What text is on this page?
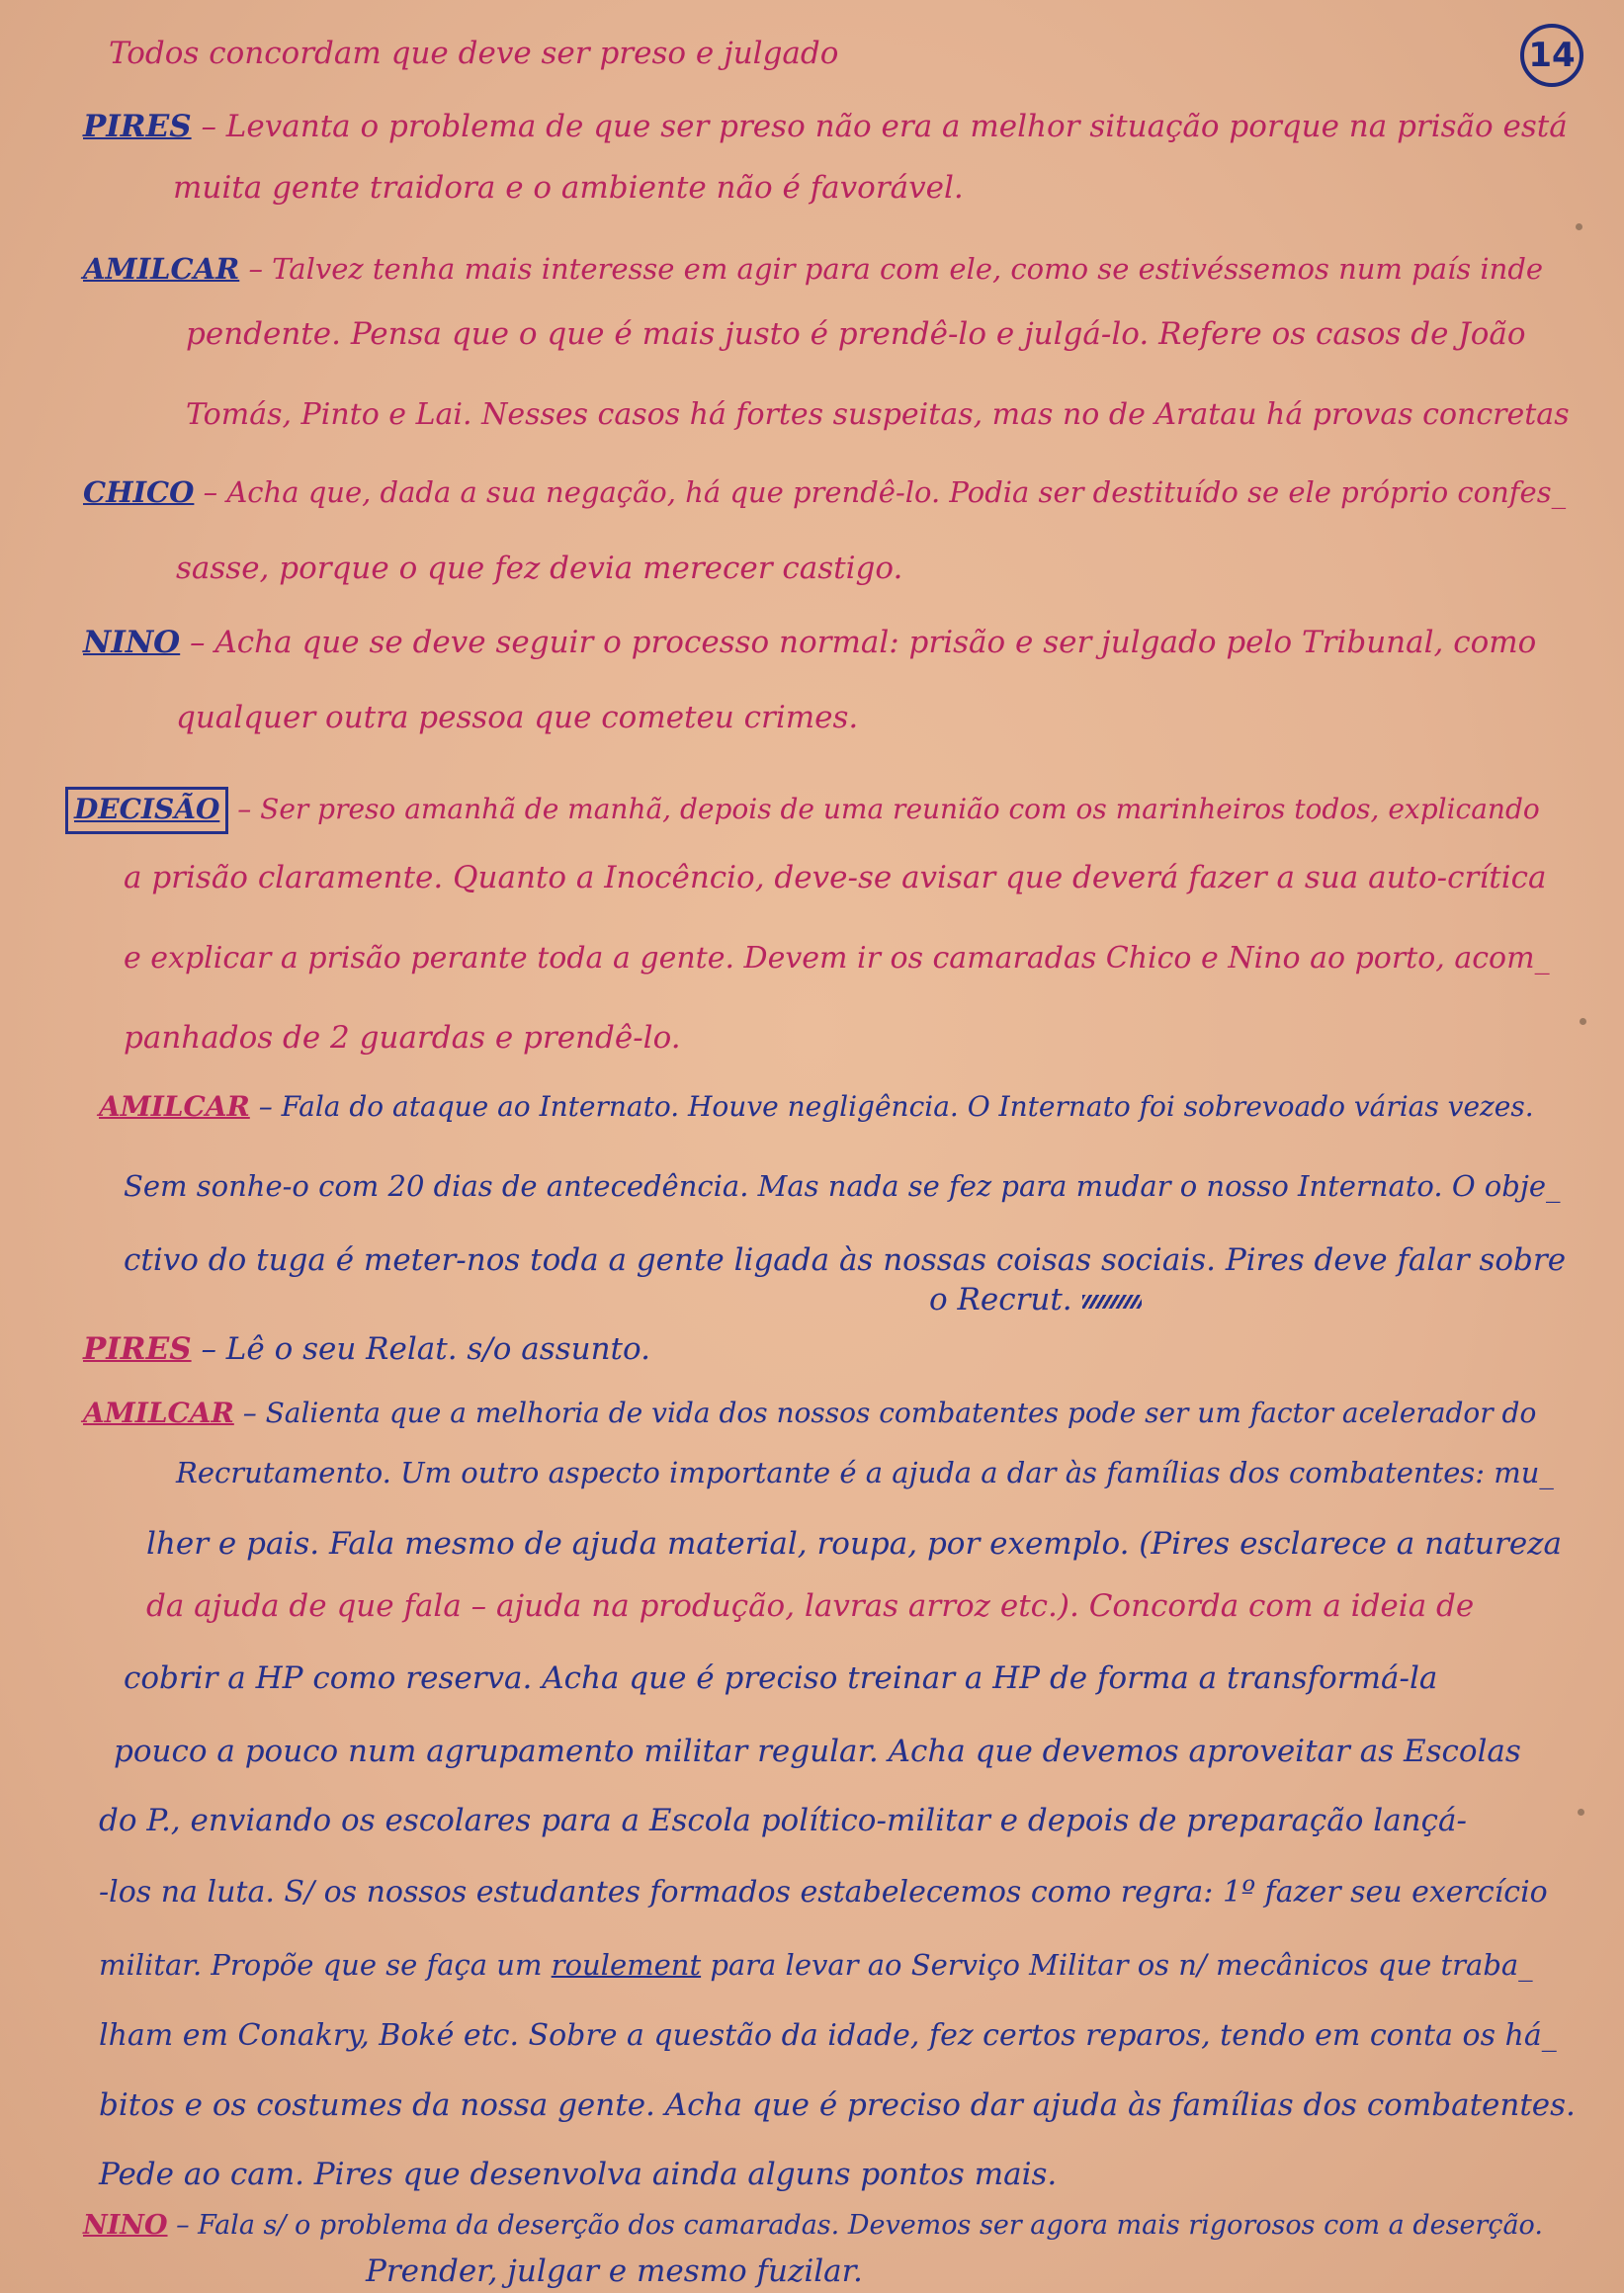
14
Todos concordam que deve ser preso e julgado
PIRES – Levanta o problema de que ser preso não era a melhor situação porque na prisão está
muita gente traidora e o ambiente não é favorável.
AMILCAR – Talvez tenha mais interesse em agir para com ele, como se estivéssemos num país inde
pendente. Pensa que o que é mais justo é prendê-lo e julgá-lo. Refere os casos de João
Tomás, Pinto e Lai. Nesses casos há fortes suspeitas, mas no de Aratau há provas concretas
CHICO – Acha que, dada a sua negação, há que prendê-lo. Podia ser destituído se ele próprio confes_
sasse, porque o que fez devia merecer castigo.
NINO – Acha que se deve seguir o processo normal: prisão e ser julgado pelo Tribunal, como
qualquer outra pessoa que cometeu crimes.
DECISÃO – Ser preso amanhã de manhã, depois de uma reunião com os marinheiros todos, explicando
a prisão claramente. Quanto a Inocêncio, deve-se avisar que deverá fazer a sua auto-crítica
e explicar a prisão perante toda a gente. Devem ir os camaradas Chico e Nino ao porto, acom_
panhados de 2 guardas e prendê-lo.
AMILCAR – Fala do ataque ao Internato. Houve negligência. O Internato foi sobrevoado várias vezes.
Sem sonhe-o com 20 dias de antecedência. Mas nada se fez para mudar o nosso Internato. O obje_
ctivo do tuga é meter-nos toda a gente ligada às nossas coisas sociais. Pires deve falar sobre
o Recrut.
PIRES – Lê o seu Relat. s/o assunto.
AMILCAR – Salienta que a melhoria de vida dos nossos combatentes pode ser um factor acelerador do
Recrutamento. Um outro aspecto importante é a ajuda a dar às famílias dos combatentes: mu_
lher e pais. Fala mesmo de ajuda material, roupa, por exemplo. (Pires esclarece a natureza
da ajuda de que fala – ajuda na produção, lavras arroz etc.). Concorda com a ideia de
cobrir a HP como reserva. Acha que é preciso treinar a HP de forma a transformá-la
pouco a pouco num agrupamento militar regular. Acha que devemos aproveitar as Escolas
do P., enviando os escolares para a Escola político-militar e depois de preparação lançá-
-los na luta. S/ os nossos estudantes formados estabelecemos como regra: 1º fazer seu exercício
militar. Propõe que se faça um roulement para levar ao Serviço Militar os n/ mecânicos que traba_
lham em Conakry, Boké etc. Sobre a questão da idade, fez certos reparos, tendo em conta os há_
bitos e os costumes da nossa gente. Acha que é preciso dar ajuda às famílias dos combatentes.
Pede ao cam. Pires que desenvolva ainda alguns pontos mais.
NINO – Fala s/ o problema da deserção dos camaradas. Devemos ser agora mais rigorosos com a deserção.
Prender, julgar e mesmo fuzilar.
